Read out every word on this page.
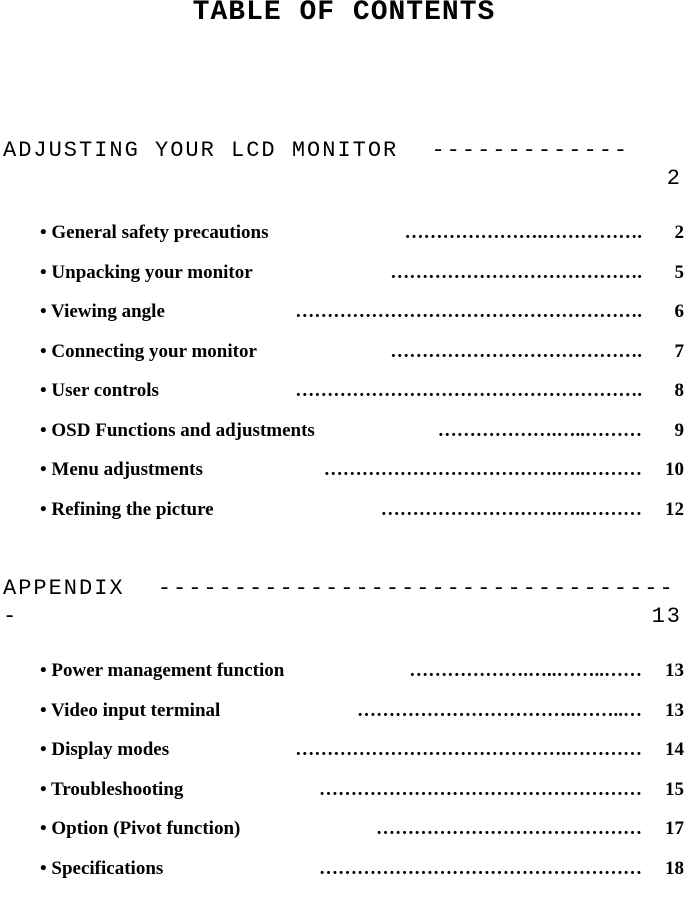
TABLE OF CONTENTS
ADJUSTING YOUR LCD MONITOR -------------
2
• General safety precautions	………………….……………. 2
• Unpacking your monitor	…………………………………. 5
• Viewing angle	………………………………………………. 6
• Connecting your monitor	…………………………………. 7
• User controls	………………………………………………. 8
• OSD Functions and adjustments	……………….…..……… 9
• Menu adjustments	……………………………….…..……… 10
• Refining the picture	……………………….…..……… 12
APPENDIX ----------------------------------
-	13
• Power management function	……………….…..……..…… 13
• Video input terminal	……………………………..……..… 13
• Display modes	…………………………………….………… 14
• Troubleshooting	…………………………………………… 15
• Option (Pivot function)	…………………………………… 17
• Specifications	…………………………………………… 18
